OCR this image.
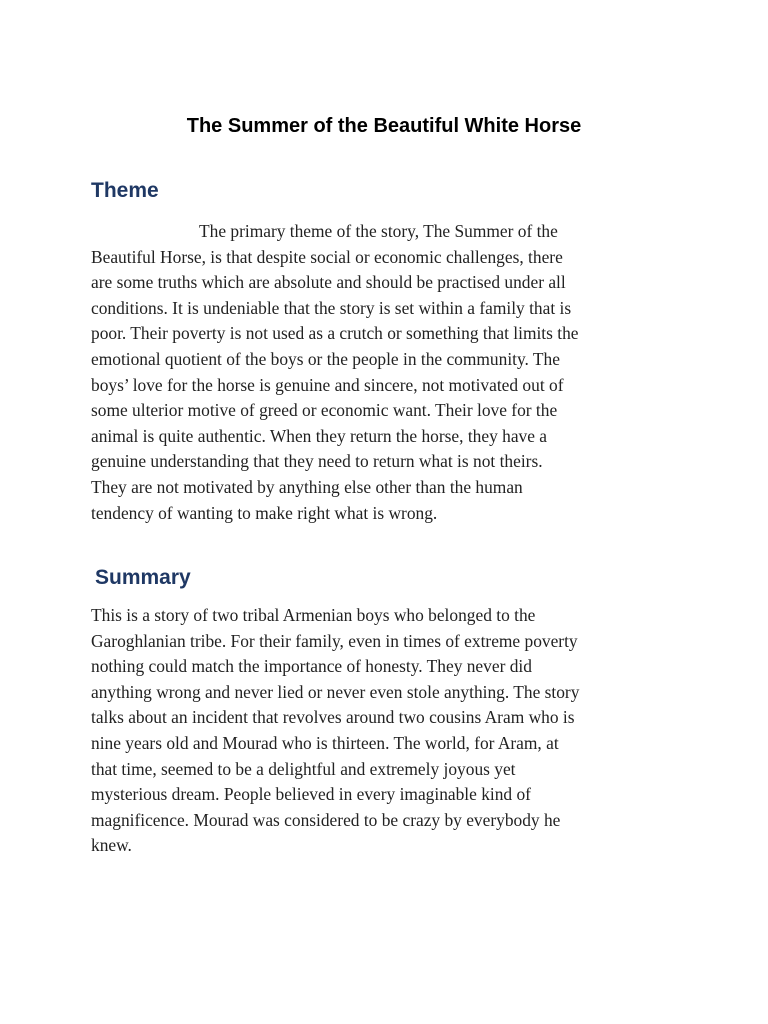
The Summer of the Beautiful White Horse
Theme
The primary theme of the story, The Summer of the
Beautiful Horse, is that despite social or economic challenges, there
are some truths which are absolute and should be practised under all
conditions. It is undeniable that the story is set within a family that is
poor. Their poverty is not used as a crutch or something that limits the
emotional quotient of the boys or the people in the community. The
boys’ love for the horse is genuine and sincere, not motivated out of
some ulterior motive of greed or economic want. Their love for the
animal is quite authentic. When they return the horse, they have a
genuine understanding that they need to return what is not theirs.
They are not motivated by anything else other than the human
tendency of wanting to make right what is wrong.
Summary
This is a story of two tribal Armenian boys who belonged to the
Garoghlanian tribe. For their family, even in times of extreme poverty
nothing could match the importance of honesty. They never did
anything wrong and never lied or never even stole anything. The story
talks about an incident that revolves around two cousins Aram who is
nine years old and Mourad who is thirteen. The world, for Aram, at
that time, seemed to be a delightful and extremely joyous yet
mysterious dream. People believed in every imaginable kind of
magnificence. Mourad was considered to be crazy by everybody he
knew.
